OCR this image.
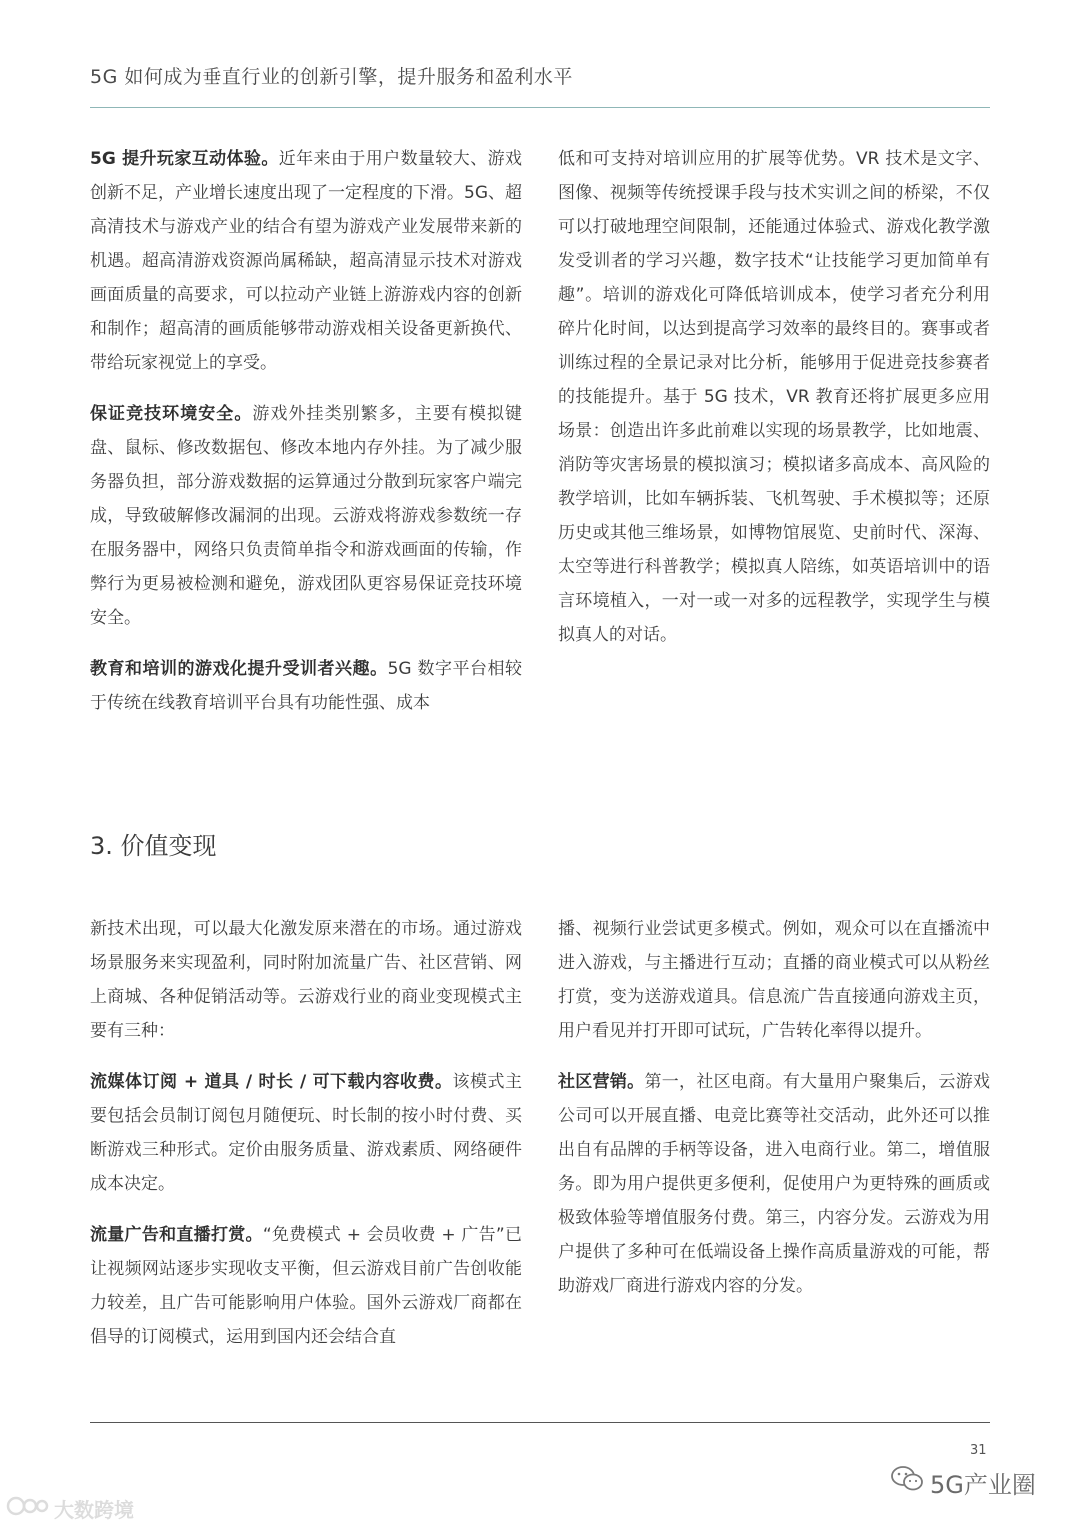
5G 如何成为垂直行业的创新引擎，提升服务和盈利水平

5G 提升玩家互动体验。近年来由于用户数量较大、游戏创新不足，产业增长速度出现了一定程度的下滑。5G、超高清技术与游戏产业的结合有望为游戏产业发展带来新的机遇。超高清游戏资源尚属稀缺，超高清显示技术对游戏画面质量的高要求，可以拉动产业链上游游戏内容的创新和制作；超高清的画质能够带动游戏相关设备更新换代、带给玩家视觉上的享受。

保证竞技环境安全。游戏外挂类别繁多，主要有模拟键盘、鼠标、修改数据包、修改本地内存外挂。为了减少服务器负担，部分游戏数据的运算通过分散到玩家客户端完成，导致破解修改漏洞的出现。云游戏将游戏参数统一存在服务器中，网络只负责简单指令和游戏画面的传输，作弊行为更易被检测和避免，游戏团队更容易保证竞技环境安全。

教育和培训的游戏化提升受训者兴趣。5G 数字平台相较于传统在线教育培训平台具有功能性强、成本

低和可支持对培训应用的扩展等优势。VR 技术是文字、图像、视频等传统授课手段与技术实训之间的桥梁，不仅可以打破地理空间限制，还能通过体验式、游戏化教学激发受训者的学习兴趣，数字技术“让技能学习更加简单有趣”。培训的游戏化可降低培训成本，使学习者充分利用碎片化时间，以达到提高学习效率的最终目的。赛事或者训练过程的全景记录对比分析，能够用于促进竞技参赛者的技能提升。基于 5G 技术，VR 教育还将扩展更多应用场景：创造出许多此前难以实现的场景教学，比如地震、消防等灾害场景的模拟演习；模拟诸多高成本、高风险的教学培训，比如车辆拆装、飞机驾驶、手术模拟等；还原历史或其他三维场景，如博物馆展览、史前时代、深海、太空等进行科普教学；模拟真人陪练，如英语培训中的语言环境植入，一对一或一对多的远程教学，实现学生与模拟真人的对话。

3. 价值变现

新技术出现，可以最大化激发原来潜在的市场。通过游戏场景服务来实现盈利，同时附加流量广告、社区营销、网上商城、各种促销活动等。云游戏行业的商业变现模式主要有三种：

流媒体订阅 + 道具 / 时长 / 可下载内容收费。该模式主要包括会员制订阅包月随便玩、时长制的按小时付费、买断游戏三种形式。定价由服务质量、游戏素质、网络硬件成本决定。

流量广告和直播打赏。“免费模式 + 会员收费 + 广告”已让视频网站逐步实现收支平衡，但云游戏目前广告创收能力较差，且广告可能影响用户体验。国外云游戏厂商都在倡导的订阅模式，运用到国内还会结合直

播、视频行业尝试更多模式。例如，观众可以在直播流中进入游戏，与主播进行互动；直播的商业模式可以从粉丝打赏，变为送游戏道具。信息流广告直接通向游戏主页，用户看见并打开即可试玩，广告转化率得以提升。

社区营销。第一，社区电商。有大量用户聚集后，云游戏公司可以开展直播、电竞比赛等社交活动，此外还可以推出自有品牌的手柄等设备，进入电商行业。第二，增值服务。即为用户提供更多便利，促使用户为更特殊的画质或极致体验等增值服务付费。第三，内容分发。云游戏为用户提供了多种可在低端设备上操作高质量游戏的可能，帮助游戏厂商进行游戏内容的分发。

31
5G产业圈
大数跨境
